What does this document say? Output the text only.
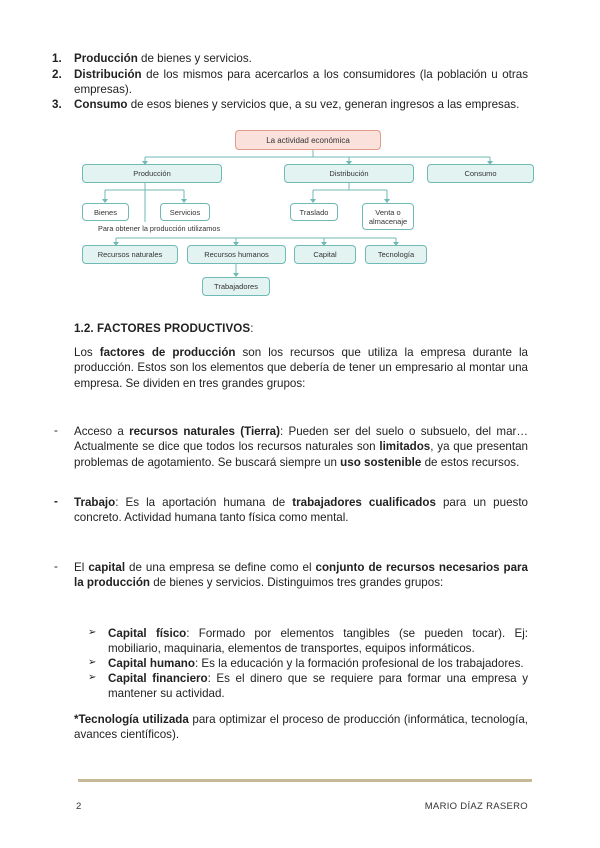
1. Producción de bienes y servicios.
2. Distribución de los mismos para acercarlos a los consumidores (la población u otras empresas).
3. Consumo de esos bienes y servicios que, a su vez, generan ingresos a las empresas.
La actividad económica
Producción	Distribución	Consumo
Bienes	Servicios	Traslado	Venta o almacenaje
Para obtener la producción utilizamos
Recursos naturales	Recursos humanos	Capital	Tecnología
Trabajadores
1.2. FACTORES PRODUCTIVOS:
Los factores de producción son los recursos que utiliza la empresa durante la producción. Estos son los elementos que debería de tener un empresario al montar una empresa. Se dividen en tres grandes grupos:
- Acceso a recursos naturales (Tierra): Pueden ser del suelo o subsuelo, del mar… Actualmente se dice que todos los recursos naturales son limitados, ya que presentan problemas de agotamiento. Se buscará siempre un uso sostenible de estos recursos.
- Trabajo: Es la aportación humana de trabajadores cualificados para un puesto concreto. Actividad humana tanto física como mental.
- El capital de una empresa se define como el conjunto de recursos necesarios para la producción de bienes y servicios. Distinguimos tres grandes grupos:
➢ Capital físico: Formado por elementos tangibles (se pueden tocar). Ej: mobiliario, maquinaria, elementos de transportes, equipos informáticos.
➢ Capital humano: Es la educación y la formación profesional de los trabajadores.
➢ Capital financiero: Es el dinero que se requiere para formar una empresa y mantener su actividad.
*Tecnología utilizada para optimizar el proceso de producción (informática, tecnología, avances científicos).
2	MARIO DÍAZ RASERO
